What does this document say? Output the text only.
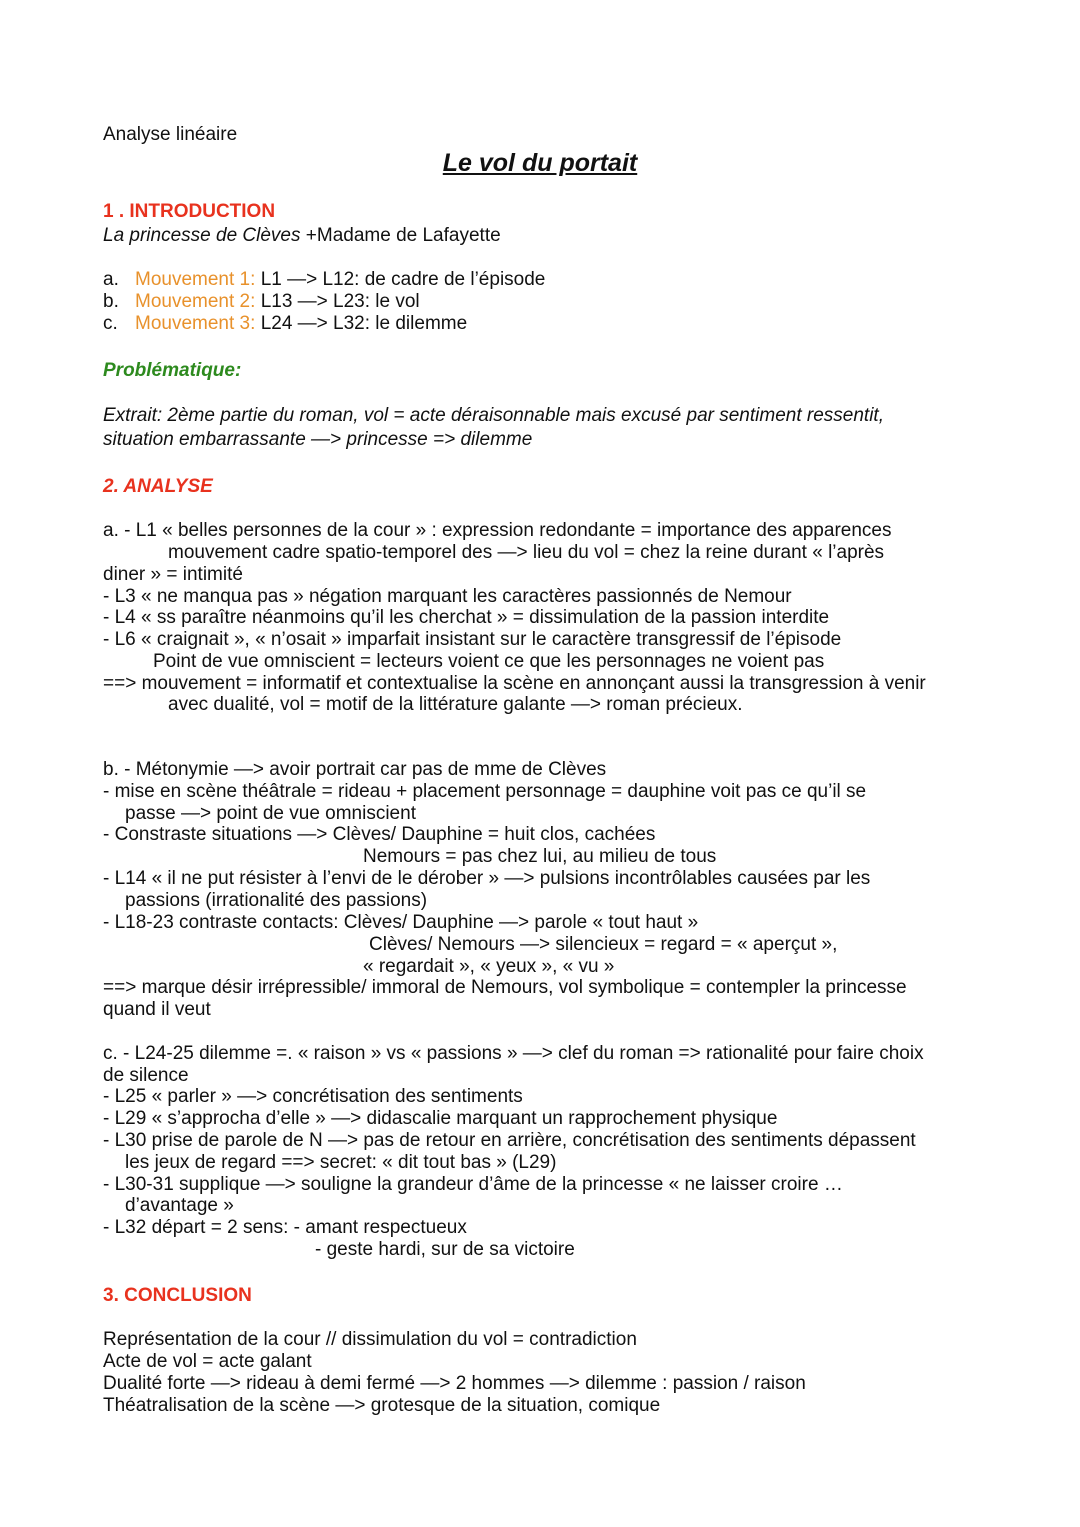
Analyse linéaire
Le vol du portait
1 . INTRODUCTION
La princesse de Clèves +Madame de Lafayette
a. Mouvement 1: L1 —> L12: de cadre de l’épisode
b. Mouvement 2: L13 —> L23: le vol
c. Mouvement 3: L24 —> L32: le dilemme
Problématique:
Extrait: 2ème partie du roman, vol = acte déraisonnable mais excusé par sentiment ressentit,
situation embarrassante —> princesse => dilemme
2. ANALYSE
a. - L1 « belles personnes de la cour » : expression redondante = importance des apparences
mouvement cadre spatio-temporel des —> lieu du vol = chez la reine durant « l’après
diner » = intimité
- L3 « ne manqua pas » négation marquant les caractères passionnés de Nemour
- L4 « ss paraître néanmoins qu’il les cherchat » = dissimulation de la passion interdite
- L6 « craignait », « n’osait » imparfait insistant sur le caractère transgressif de l’épisode
Point de vue omniscient = lecteurs voient ce que les personnages ne voient pas
==> mouvement = informatif et contextualise la scène en annonçant aussi la transgression à venir
avec dualité, vol = motif de la littérature galante —> roman précieux.
b. - Métonymie —> avoir portrait car pas de mme de Clèves
- mise en scène théâtrale = rideau + placement personnage = dauphine voit pas ce qu’il se
passe —> point de vue omniscient
- Constraste situations —> Clèves/ Dauphine = huit clos, cachées
Nemours = pas chez lui, au milieu de tous
- L14 « il ne put résister à l’envi de le dérober » —> pulsions incontrôlables causées par les
passions (irrationalité des passions)
- L18-23 contraste contacts: Clèves/ Dauphine —> parole « tout haut »
Clèves/ Nemours —> silencieux = regard = « aperçut »,
« regardait », « yeux », « vu »
==> marque désir irrépressible/ immoral de Nemours, vol symbolique = contempler la princesse
quand il veut
c. - L24-25 dilemme =. « raison » vs « passions » —> clef du roman => rationalité pour faire choix
de silence
- L25 « parler » —> concrétisation des sentiments
- L29 « s’approcha d’elle » —> didascalie marquant un rapprochement physique
- L30 prise de parole de N —> pas de retour en arrière, concrétisation des sentiments dépassent
les jeux de regard ==> secret: « dit tout bas » (L29)
- L30-31 supplique —> souligne la grandeur d’âme de la princesse « ne laisser croire …
d’avantage »
- L32 départ = 2 sens: - amant respectueux
- geste hardi, sur de sa victoire
3. CONCLUSION
Représentation de la cour // dissimulation du vol = contradiction
Acte de vol = acte galant
Dualité forte —> rideau à demi fermé —> 2 hommes —> dilemme : passion / raison
Théatralisation de la scène —> grotesque de la situation, comique
